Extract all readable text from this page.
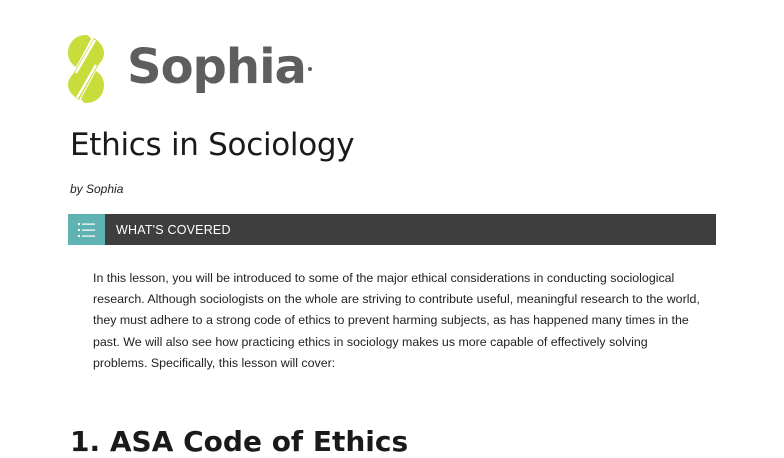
Sophia
Ethics in Sociology
by Sophia
WHAT'S COVERED

In this lesson, you will be introduced to some of the major ethical considerations in conducting sociological research. Although sociologists on the whole are striving to contribute useful, meaningful research to the world, they must adhere to a strong code of ethics to prevent harming subjects, as has happened many times in the past. We will also see how practicing ethics in sociology makes us more capable of effectively solving problems. Specifically, this lesson will cover:

1. ASA Code of Ethics
